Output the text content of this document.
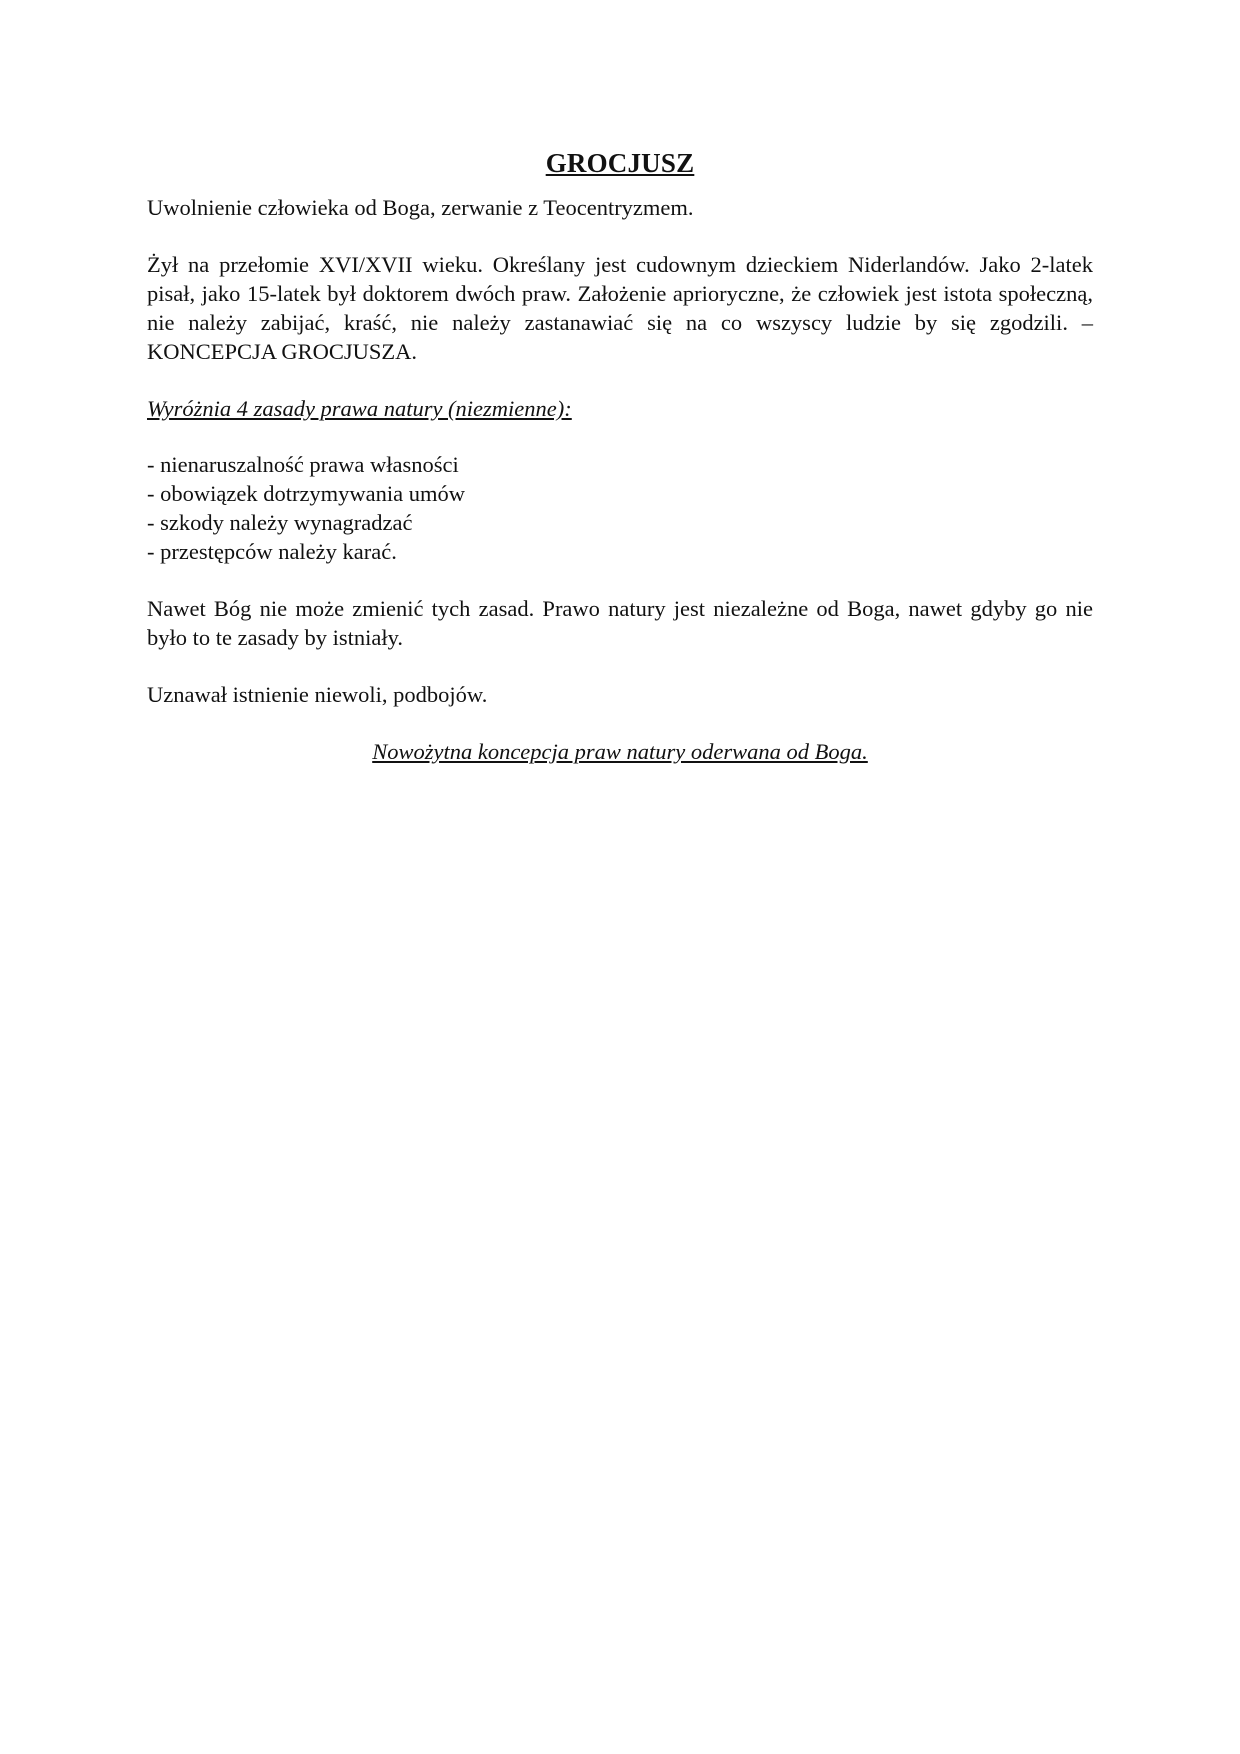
GROCJUSZ

Uwolnienie człowieka od Boga, zerwanie z Teocentryzmem.

Żył na przełomie XVI/XVII wieku. Określany jest cudownym dzieckiem Niderlandów. Jako 2-latek pisał, jako 15-latek był doktorem dwóch praw. Założenie aprioryczne, że człowiek jest istota społeczną, nie należy zabijać, kraść, nie należy zastanawiać się na co wszyscy ludzie by się zgodzili. – KONCEPCJA GROCJUSZA.

Wyróżnia 4 zasady prawa natury (niezmienne):

- nienaruszalność prawa własności
- obowiązek dotrzymywania umów
- szkody należy wynagradzać
- przestępców należy karać.

Nawet Bóg nie może zmienić tych zasad. Prawo natury jest niezależne od Boga, nawet gdyby go nie było to te zasady by istniały.

Uznawał istnienie niewoli, podbojów.

Nowożytna koncepcja praw natury oderwana od Boga.
